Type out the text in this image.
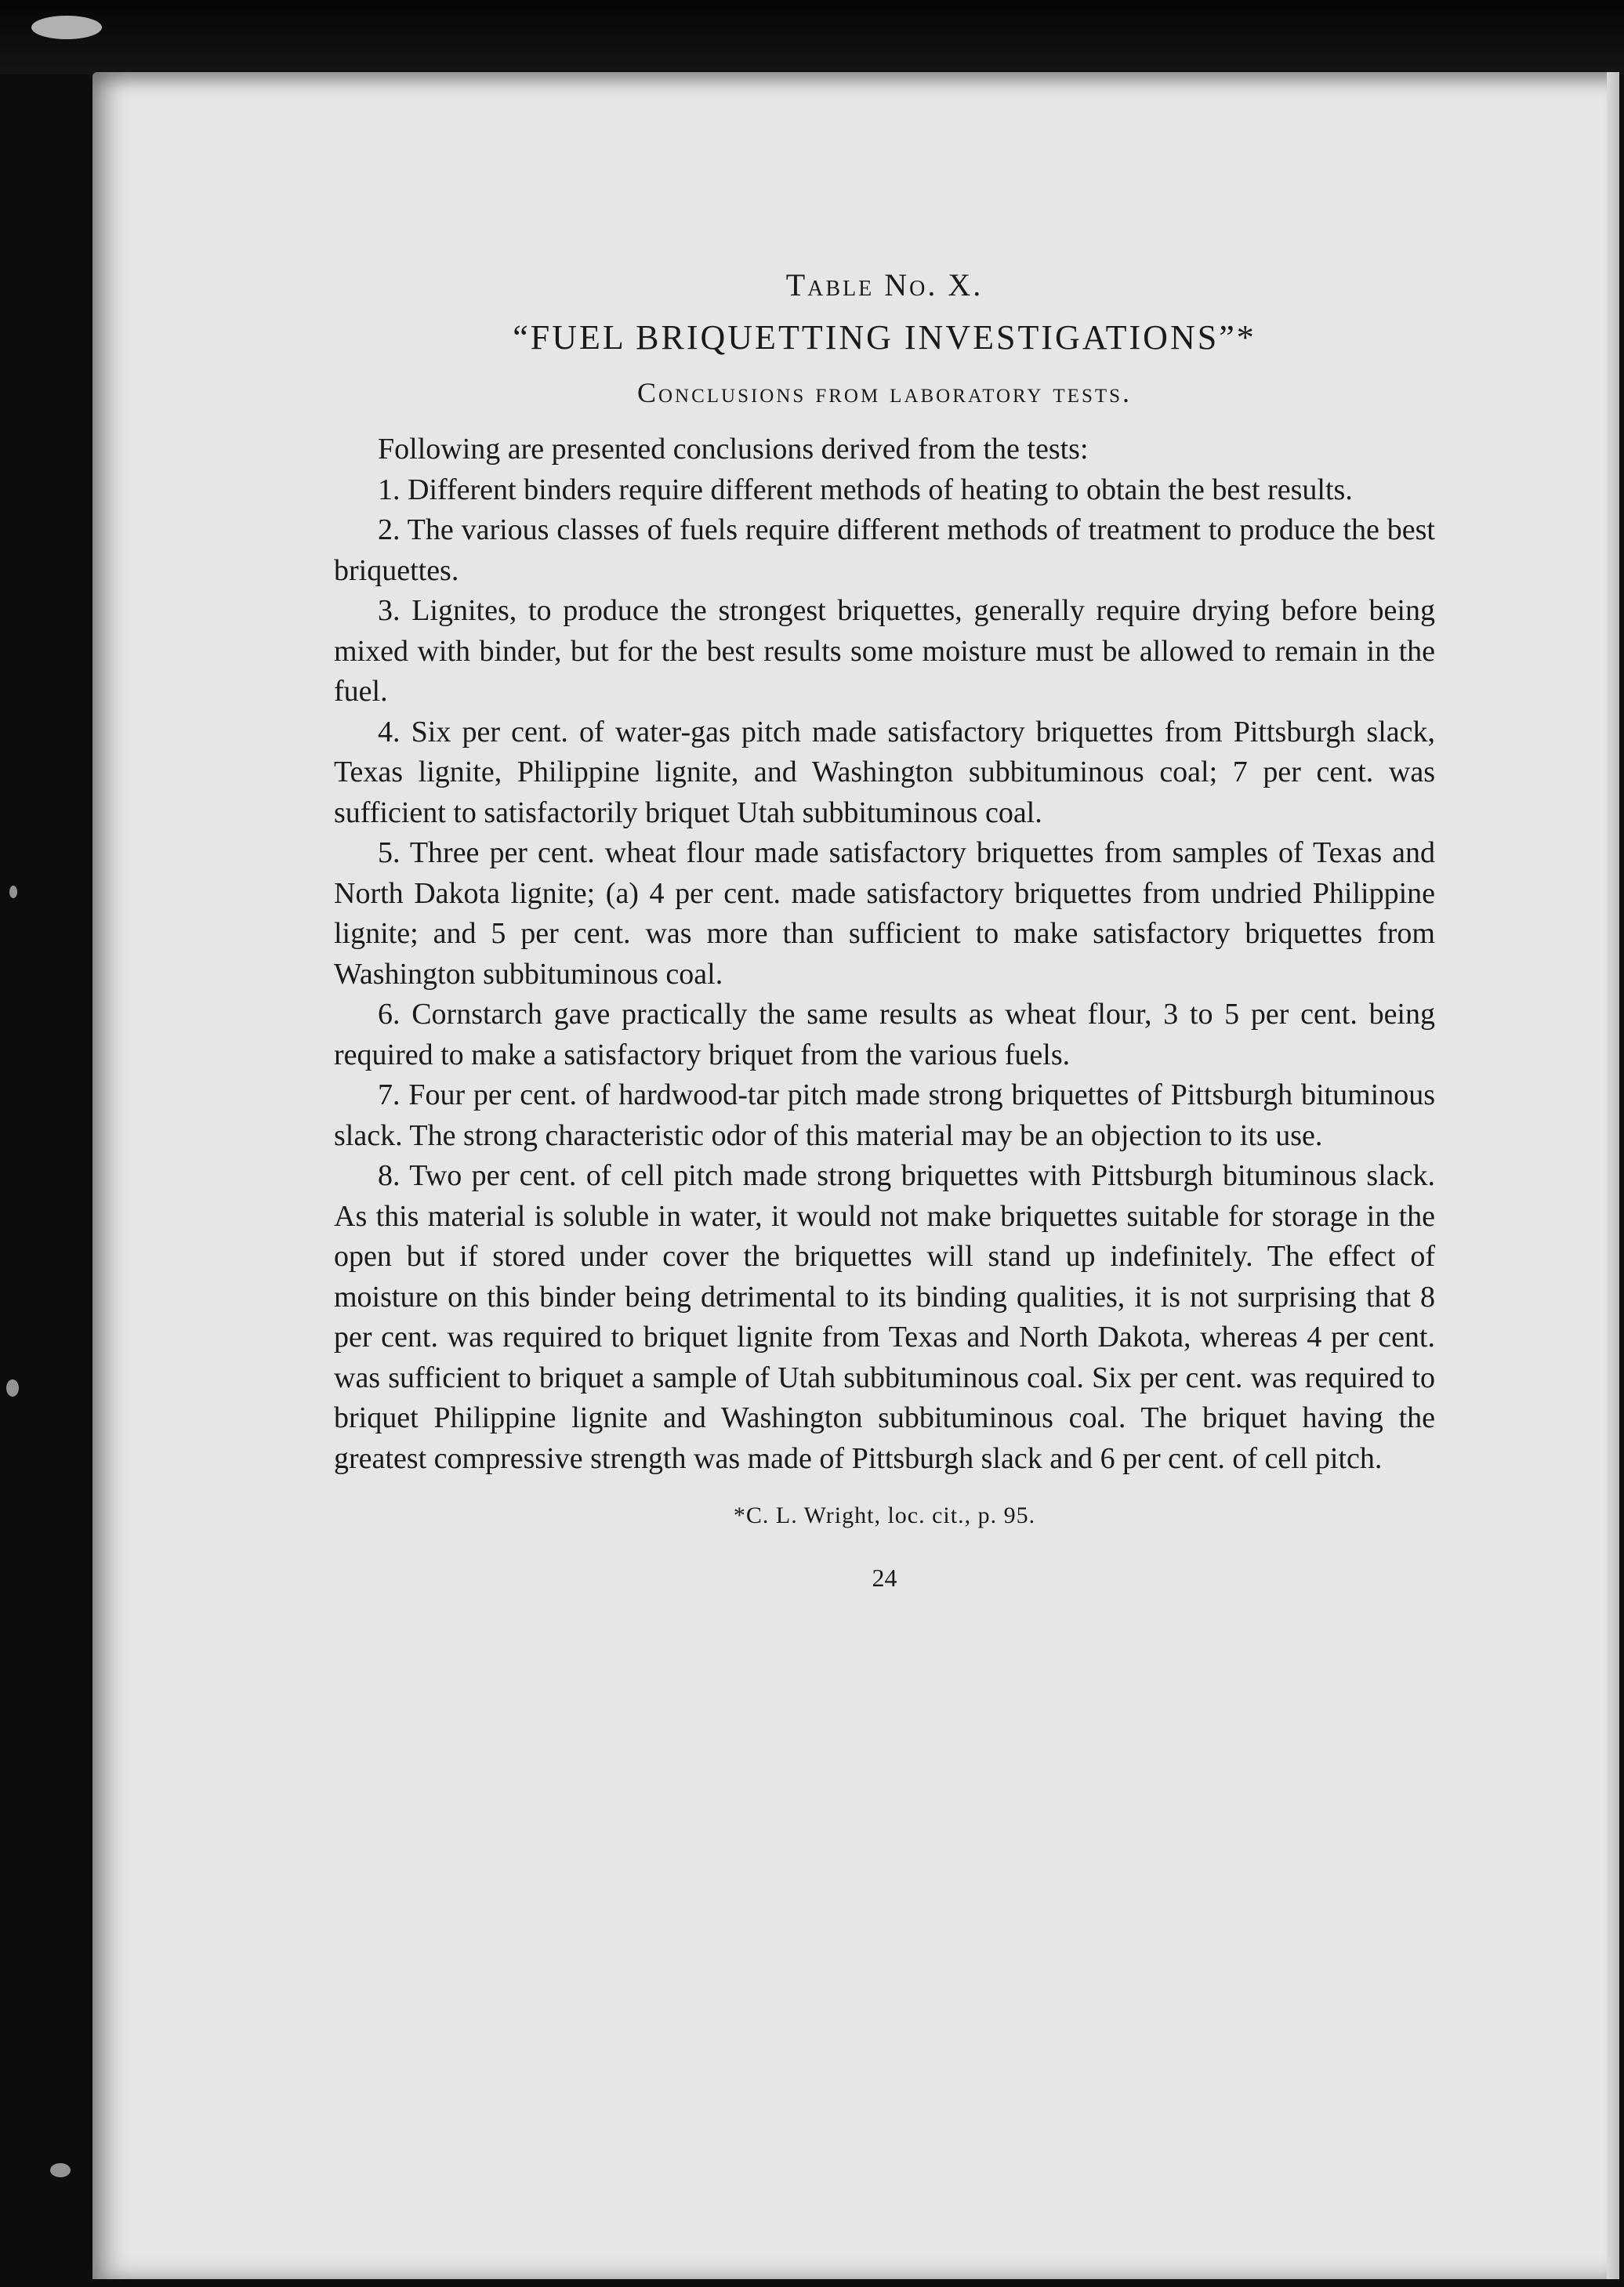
Table No. X.
“FUEL BRIQUETTING INVESTIGATIONS”*
Conclusions from laboratory tests.

Following are presented conclusions derived from the tests:

1. Different binders require different methods of heating to obtain the best results.

2. The various classes of fuels require different methods of treatment to produce the best briquettes.

3. Lignites, to produce the strongest briquettes, generally require drying before being mixed with binder, but for the best results some moisture must be allowed to remain in the fuel.

4. Six per cent. of water-gas pitch made satisfactory briquettes from Pittsburgh slack, Texas lignite, Philippine lignite, and Washington subbituminous coal; 7 per cent. was sufficient to satisfactorily briquet Utah subbituminous coal.

5. Three per cent. wheat flour made satisfactory briquettes from samples of Texas and North Dakota lignite; (a) 4 per cent. made satisfactory briquettes from undried Philippine lignite; and 5 per cent. was more than sufficient to make satisfactory briquettes from Washington subbituminous coal.

6. Cornstarch gave practically the same results as wheat flour, 3 to 5 per cent. being required to make a satisfactory briquet from the various fuels.

7. Four per cent. of hardwood-tar pitch made strong briquettes of Pittsburgh bituminous slack. The strong characteristic odor of this material may be an objection to its use.

8. Two per cent. of cell pitch made strong briquettes with Pittsburgh bituminous slack. As this material is soluble in water, it would not make briquettes suitable for storage in the open but if stored under cover the briquettes will stand up indefinitely. The effect of moisture on this binder being detrimental to its binding qualities, it is not surprising that 8 per cent. was required to briquet lignite from Texas and North Dakota, whereas 4 per cent. was sufficient to briquet a sample of Utah subbituminous coal. Six per cent. was required to briquet Philippine lignite and Washington subbituminous coal. The briquet having the greatest compressive strength was made of Pittsburgh slack and 6 per cent. of cell pitch.

*C. L. Wright, loc. cit., p. 95.
24
